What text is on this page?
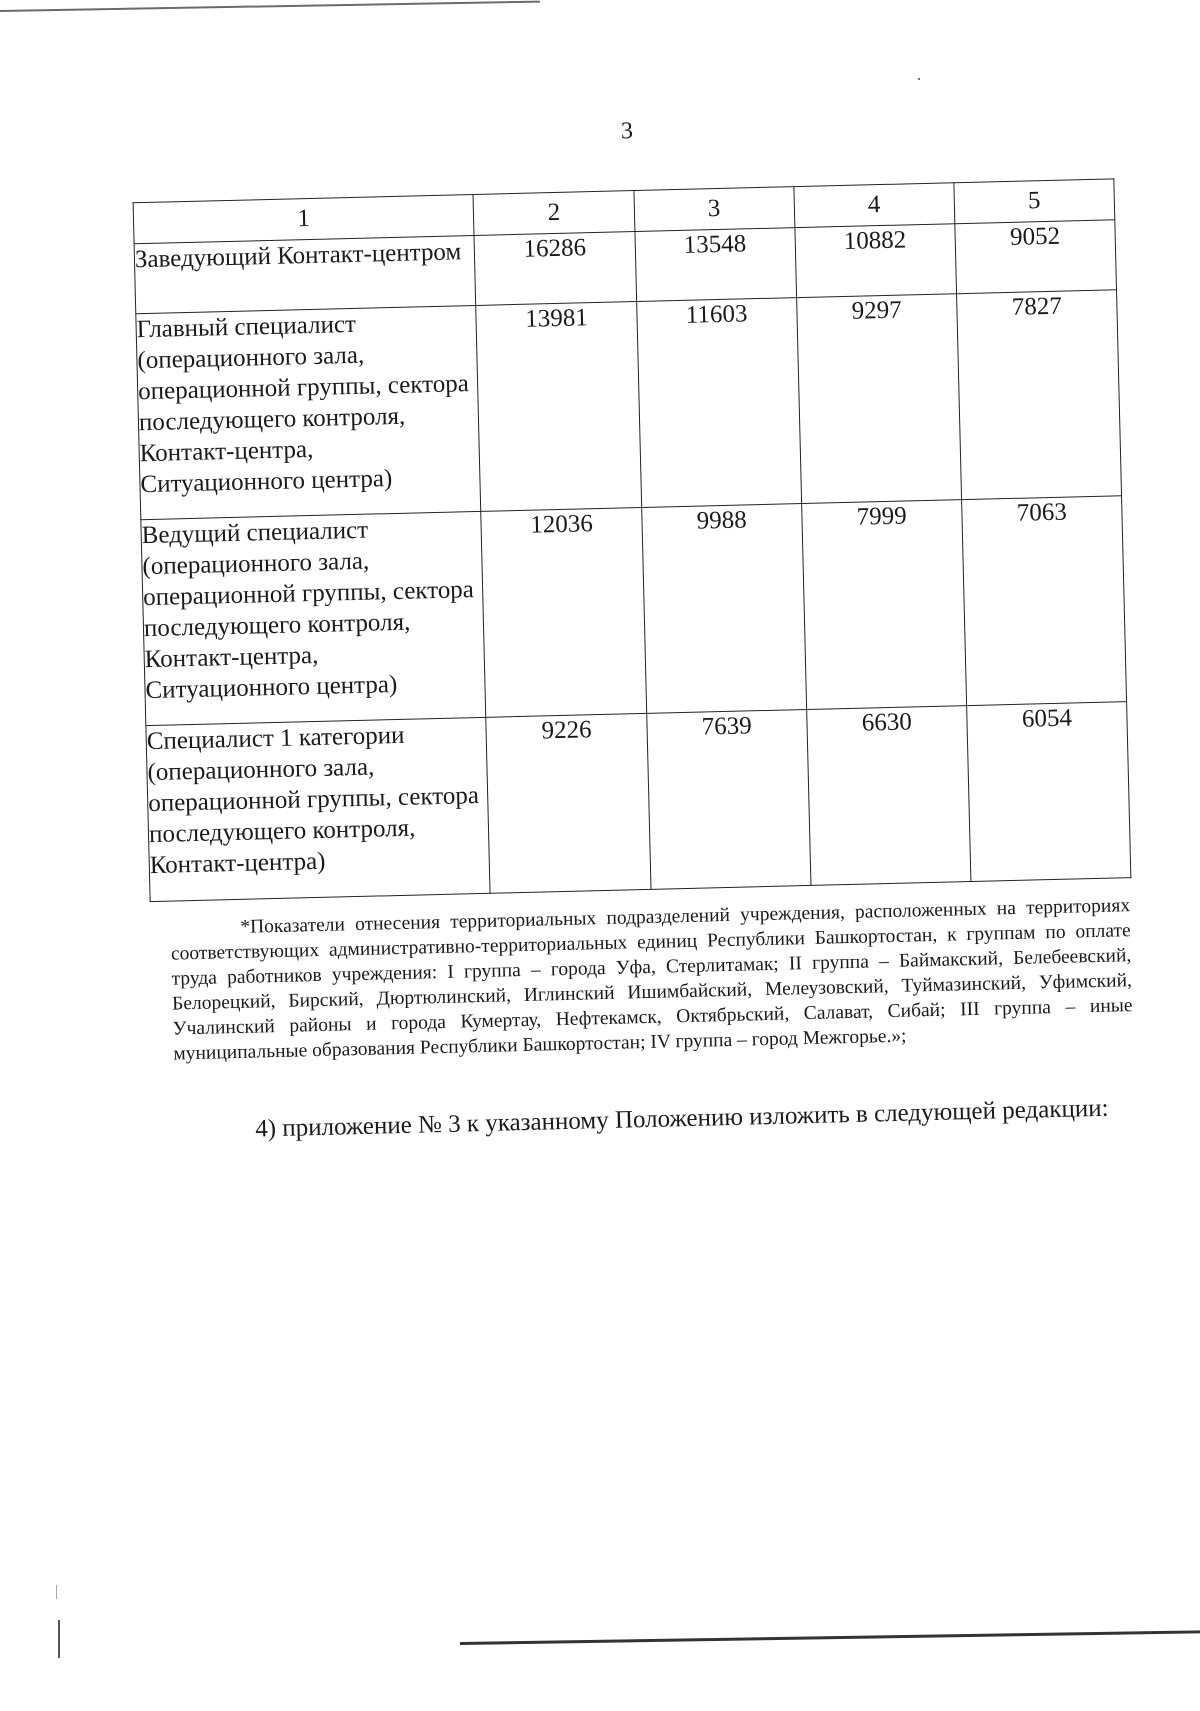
3
1	2	3	4	5
Заведующий Контакт-центром	16286	13548	10882	9052
Главный специалист (операционного зала, операционной группы, сектора последующего контроля, Контакт-центра, Ситуационного центра)	13981	11603	9297	7827
Ведущий специалист (операционного зала, операционной группы, сектора последующего контроля, Контакт-центра, Ситуационного центра)	12036	9988	7999	7063
Специалист 1 категории (операционного зала, операционной группы, сектора последующего контроля, Контакт-центра)	9226	7639	6630	6054

*Показатели отнесения территориальных подразделений учреждения, расположенных на территориях соответствующих административно-территориальных единиц Республики Башкортостан, к группам по оплате труда работников учреждения: I группа – города Уфа, Стерлитамак; II группа – Баймакский, Белебеевский, Белорецкий, Бирский, Дюртюлинский, Иглинский Ишимбайский, Мелеузовский, Туймазинский, Уфимский, Учалинский районы и города Кумертау, Нефтекамск, Октябрьский, Салават, Сибай; III группа – иные муниципальные образования Республики Башкортостан; IV группа – город Межгорье.»;

4) приложение № 3 к указанному Положению изложить в следующей редакции:
